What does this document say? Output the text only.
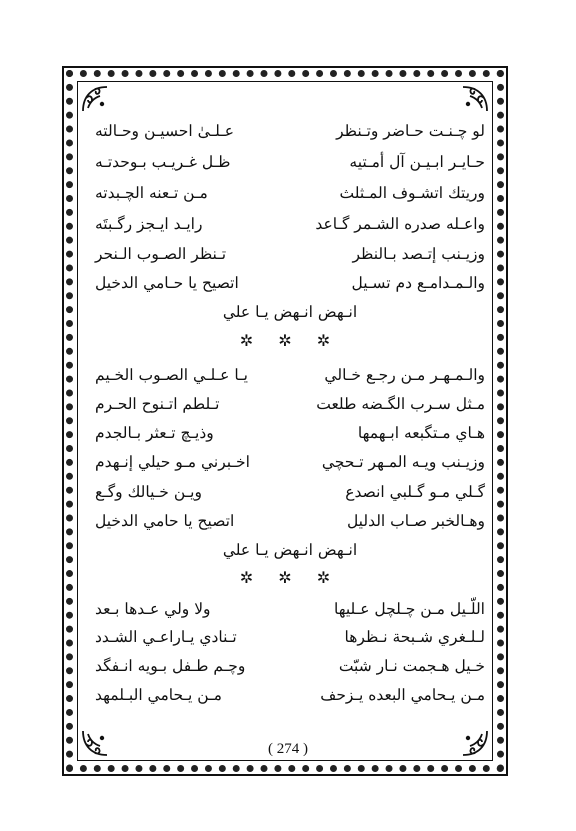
لو چـنـت حـاضر وتـنظر
عـلـىٰ احسيـن وحـالته
حـايـر ابـيـن آل أمـتيه
ظـل غـريـب بـوحدتـه
وريتك اتشـوف المـثلث
مـن تـعنه الچـبدته
واعـله صدره الشـمر گـاعد
رايـد ايـجز رگـبتَه
وزيـنب إتـصد بـالنظر
تـنظر الصـوب الـنحر
والـمـدامـع دم تسـيل
اتصيح يا حـامي الدخيل
انـهض انـهض يـا علي
✲ ✲ ✲
والـمـهـر مـن رجـع خـالي
يـا عـلـي الصـوب الخـيم
مـثل سـرب الگـضه طلعت
تـلطم اتـنوح الحـرم
هـاي مـتگبعه ابـهمها
وذيـچ تـعثر بـالجدم
وزيـنب ويـه المـهر تـحچي
اخـبرني مـو حيلي إنـهدم
گـلي مـو گـلبي انصدع
ويـن خـيالك وگـع
وهـالخبر صـاب الدليل
اتصيح يا حامي الدخيل
انـهض انـهض يـا علي
✲ ✲ ✲
اللّـيل مـن چـلچل عـليها
ولا ولي عـدها بـعد
لـلـغري شـبحة نـظرها
تـنادي يـاراعـي الشـدد
خـيل هـجمت نـار شبّت
وچـم طـفل بـويه انـفگد
مـن يـحامي البعده يـزحف
مـن يـحامي البـلمهد
( 274 )
